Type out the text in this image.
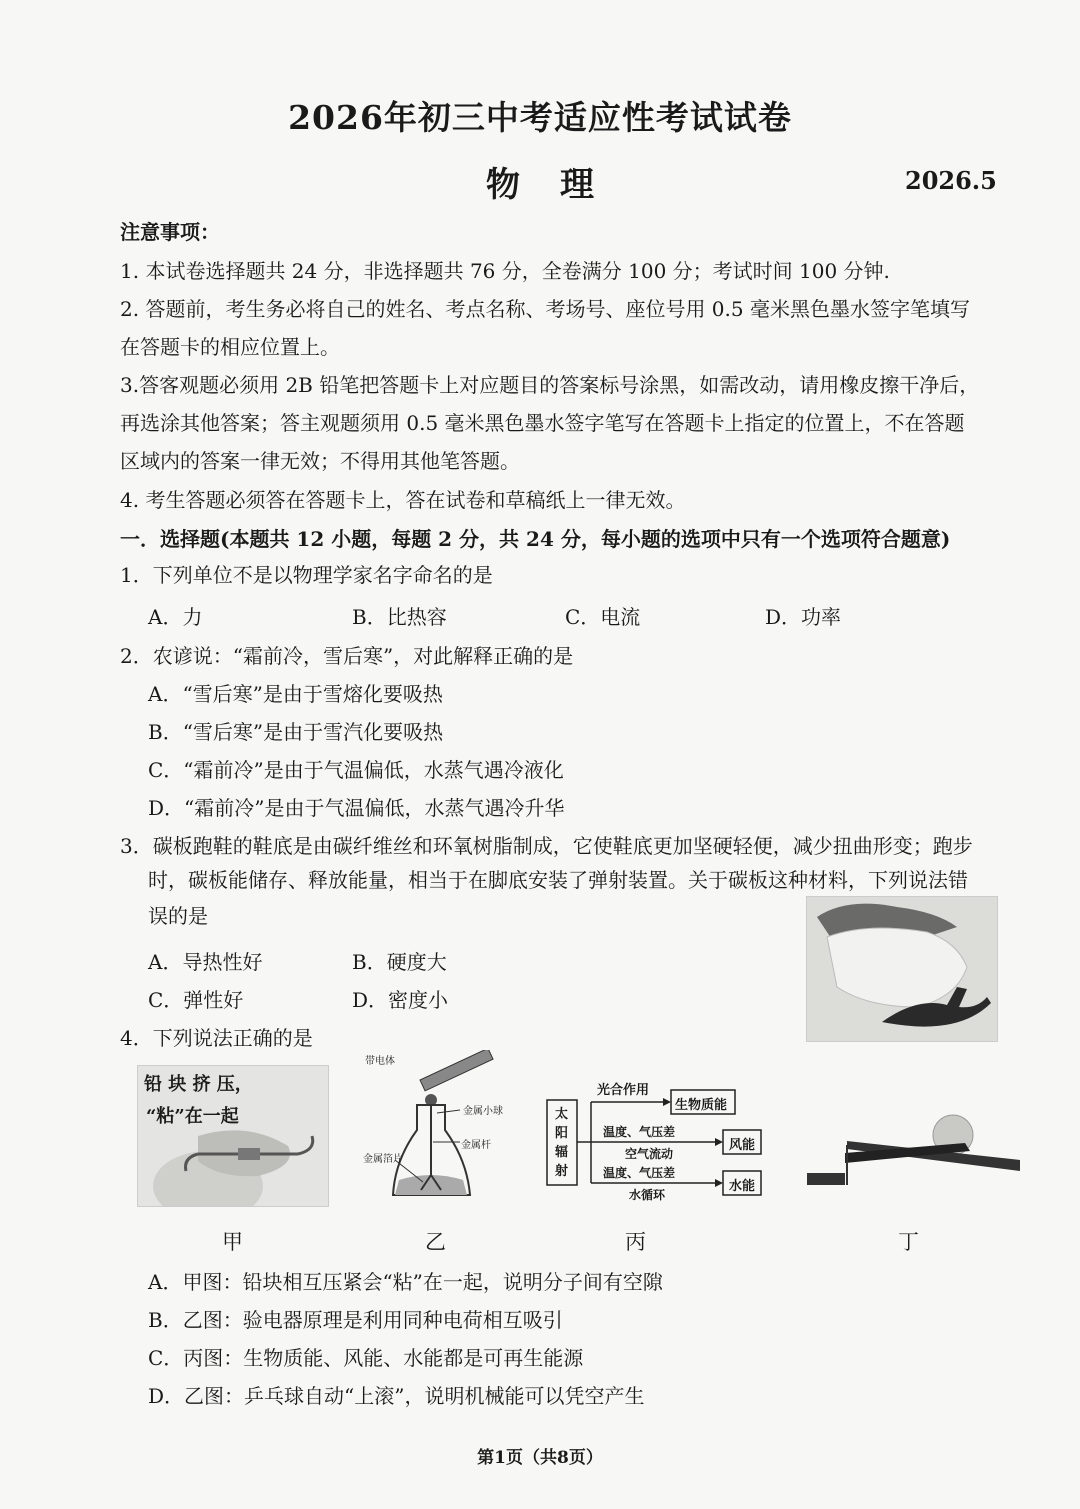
2026年初三中考适应性考试试卷
物理	2026.5
注意事项：
1. 本试卷选择题共 24 分，非选择题共 76 分，全卷满分 100 分；考试时间 100 分钟.
2. 答题前，考生务必将自己的姓名、考点名称、考场号、座位号用 0.5 毫米黑色墨水签字笔填写
在答题卡的相应位置上。
3.答客观题必须用 2B 铅笔把答题卡上对应题目的答案标号涂黑，如需改动，请用橡皮擦干净后，
再选涂其他答案；答主观题须用 0.5 毫米黑色墨水签字笔写在答题卡上指定的位置上，不在答题
区域内的答案一律无效；不得用其他笔答题。
4. 考生答题必须答在答题卡上，答在试卷和草稿纸上一律无效。
一．选择题(本题共 12 小题，每题 2 分，共 24 分，每小题的选项中只有一个选项符合题意)
1．下列单位不是以物理学家名字命名的是
A．力	B．比热容	C．电流	D．功率
2．农谚说：“霜前冷，雪后寒”，对此解释正确的是
A．“雪后寒”是由于雪熔化要吸热
B．“雪后寒”是由于雪汽化要吸热
C．“霜前冷”是由于气温偏低，水蒸气遇冷液化
D．“霜前冷”是由于气温偏低，水蒸气遇冷升华
3．碳板跑鞋的鞋底是由碳纤维丝和环氧树脂制成，它使鞋底更加坚硬轻便，减少扭曲形变；跑步
时，碳板能储存、释放能量，相当于在脚底安装了弹射装置。关于碳板这种材料，下列说法错
误的是
A．导热性好	B．硬度大
C．弹性好	D．密度小
4．下列说法正确的是
铅 块 挤 压，
“粘”在一起
带电体
金属小球
金属杆
金属箔片
太
阳
辐
射
光合作用
生物质能
温度、气压差
空气流动
风能
温度、气压差
水循环
水能
甲	乙	丙	丁
A．甲图：铅块相互压紧会“粘”在一起，说明分子间有空隙
B．乙图：验电器原理是利用同种电荷相互吸引
C．丙图：生物质能、风能、水能都是可再生能源
D．乙图：乒乓球自动“上滚”，说明机械能可以凭空产生
第1页（共8页）
